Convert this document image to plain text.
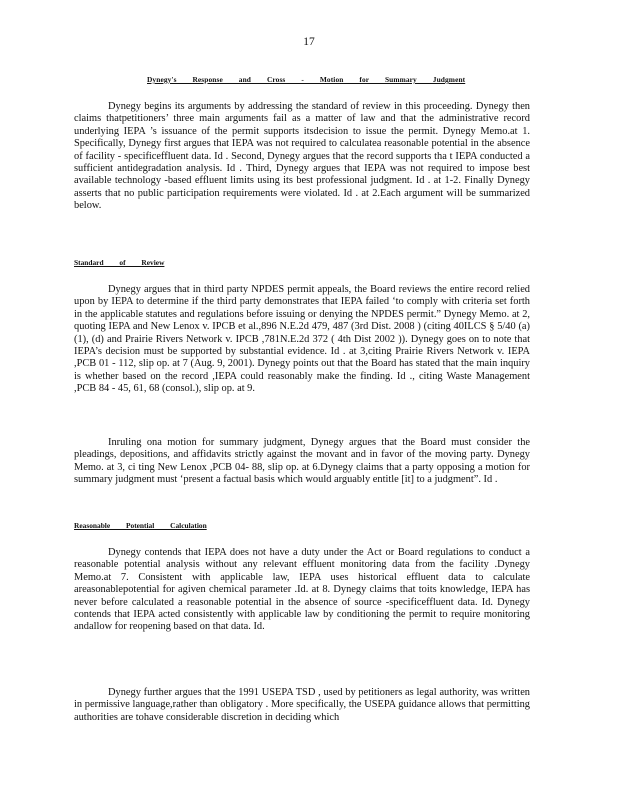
17
Dynegy's Response and Cross - Motion for Summary Judgment

Dynegy begins its arguments by addressing the standard of review in this proceeding. Dynegy then claims thatpetitioners’ three main arguments fail as a matter of law and that the administrative record underlying IEPA ’s issuance of the permit supports itsdecision to issue the permit. Dynegy Memo.at 1. Specifically, Dynegy first argues that IEPA was not required to calculatea reasonable potential in the absence of facility - specificeffluent data. Id . Second, Dynegy argues that the record supports tha t IEPA conducted a sufficient antidegradation analysis. Id . Third, Dynegy argues that IEPA was not required to impose best available technology -based effluent limits using its best professional judgment. Id . at 1-2. Finally Dynegy asserts that no public participation requirements were violated. Id . at 2.Each argument will be summarized below.

Standard of Review

Dynegy argues that in third party NPDES permit appeals, the Board reviews the entire record relied upon by IEPA to determine if the third party demonstrates that IEPA failed ‘to comply with criteria set forth in the applicable statutes and regulations before issuing or denying the NPDES permit.” Dynegy Memo. at 2, quoting IEPA and New Lenox v. IPCB et al.,896 N.E.2d 479, 487 (3rd Dist. 2008 ) (citing 40ILCS § 5/40 (a)(1), (d) and Prairie Rivers Network v. IPCB ,781N.E.2d 372 ( 4th Dist 2002 )). Dynegy goes on to note that IEPA’s decision must be supported by substantial evidence. Id . at 3,citing Prairie Rivers Network v. IEPA ,PCB 01 - 112, slip op. at 7 (Aug. 9, 2001). Dynegy points out that the Board has stated that the main inquiry is whether based on the record ,IEPA could reasonably make the finding. Id ., citing Waste Management ,PCB 84 - 45, 61, 68 (consol.), slip op. at 9.

Inruling ona motion for summary judgment, Dynegy argues that the Board must consider the pleadings, depositions, and affidavits strictly against the movant and in favor of the moving party. Dynegy Memo. at 3, ci ting New Lenox ,PCB 04- 88, slip op. at 6.Dynegy claims that a party opposing a motion for summary judgment must ‘present a factual basis which would arguably entitle [it] to a judgment”. Id .

Reasonable Potential Calculation

Dynegy contends that IEPA does not have a duty under the Act or Board regulations to conduct a reasonable potential analysis without any relevant effluent monitoring data from the facility .Dynegy Memo.at 7. Consistent with applicable law, IEPA uses historical effluent data to calculate areasonablepotential for agiven chemical parameter .Id. at 8. Dynegy claims that toits knowledge, IEPA has never before calculated a reasonable potential in the absence of source -specificeffluent data. Id. Dynegy contends that IEPA acted consistently with applicable law by conditioning the permit to require monitoring andallow for reopening based on that data. Id.

Dynegy further argues that the 1991 USEPA TSD , used by petitioners as legal authority, was written in permissive language,rather than obligatory . More specifically, the USEPA guidance allows that permitting authorities are tohave considerable discretion in deciding which
